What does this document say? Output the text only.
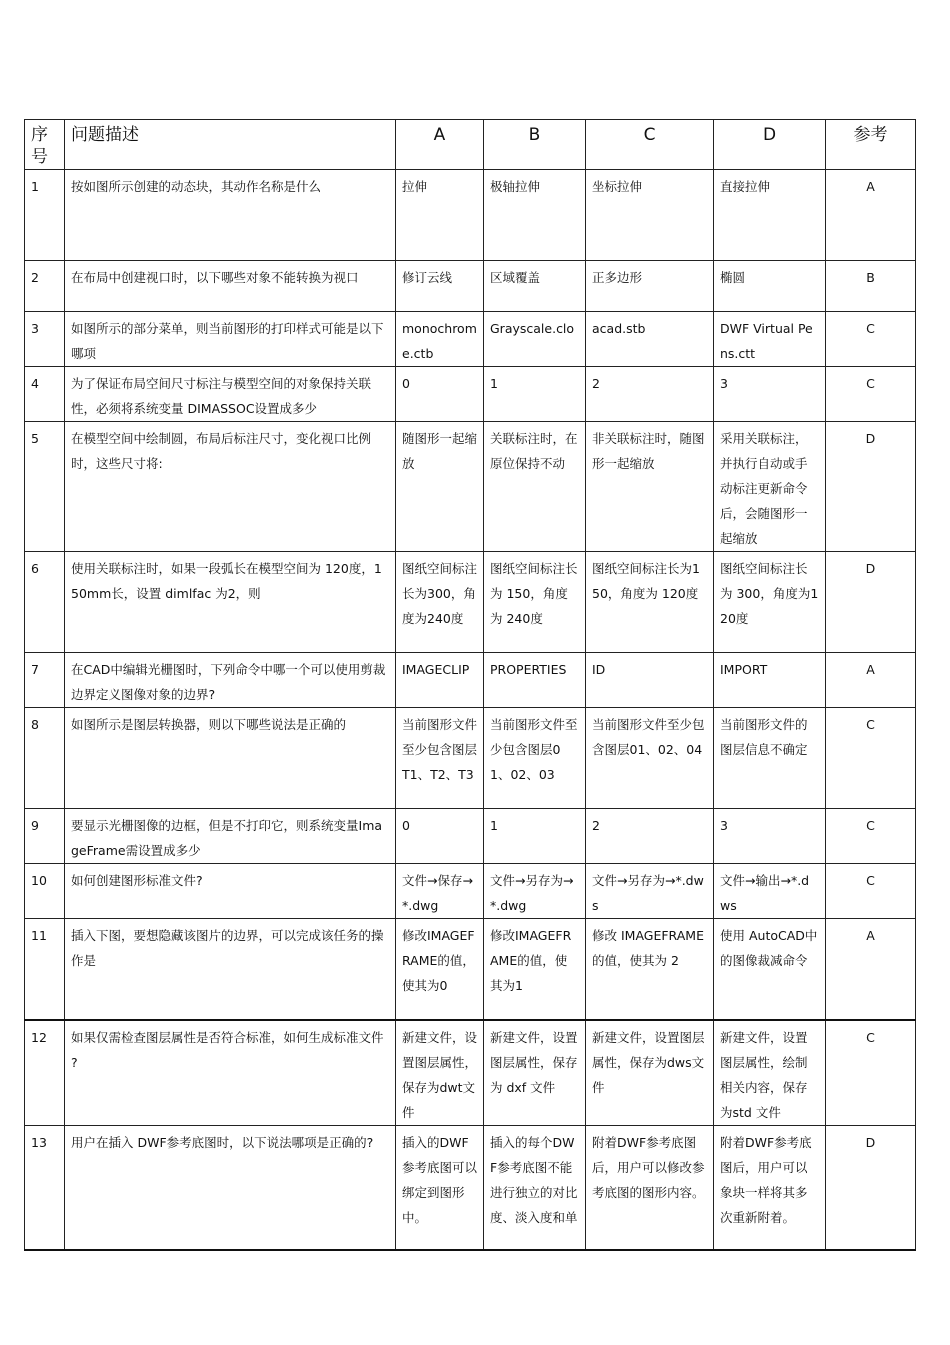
序号	问题描述	A	B	C	D	参考
1	按如图所示创建的动态块，其动作名称是什么	拉伸	极轴拉伸	坐标拉伸	直接拉伸	A
2	在布局中创建视口时，以下哪些对象不能转换为视口	修订云线	区域覆盖	正多边形	椭圆	B
3	如图所示的部分菜单，则当前图形的打印样式可能是以下哪项	monochrome.ctb	Grayscale.clo	acad.stb	DWF Virtual Pens.ctt	C
4	为了保证布局空间尺寸标注与模型空间的对象保持关联性，必须将系统变量 DIMASSOC设置成多少	0	1	2	3	C
5	在模型空间中绘制圆，布局后标注尺寸，变化视口比例时，这些尺寸将:	随图形一起缩放	关联标注时，在原位保持不动	非关联标注时，随图形一起缩放	采用关联标注，并执行自动或手动标注更新命令后，会随图形一起缩放	D
6	使用关联标注时，如果一段弧长在模型空间为 120度，150mm长，设置 dimlfac 为2，则	图纸空间标注长为300，角度为240度	图纸空间标注长为 150，角度为 240度	图纸空间标注长为150，角度为 120度	图纸空间标注长为 300，角度为120度	D
7	在CAD中编辑光栅图时，下列命令中哪一个可以使用剪裁边界定义图像对象的边界?	IMAGECLIP	PROPERTIES	ID	IMPORT	A
8	如图所示是图层转换器，则以下哪些说法是正确的	当前图形文件至少包含图层T1、T2、T3	当前图形文件至少包含图层01、02、03	当前图形文件至少包含图层01、02、04	当前图形文件的图层信息不确定	C
9	要显示光栅图像的边框，但是不打印它，则系统变量ImageFrame需设置成多少	0	1	2	3	C
10	如何创建图形标准文件?	文件→保存→*.dwg	文件→另存为→*.dwg	文件→另存为→*.dws	文件→输出→*.dws	C
11	插入下图，要想隐藏该图片的边界，可以完成该任务的操作是	修改IMAGEFRAME的值，使其为0	修改IMAGEFRAME的值，使其为1	修改 IMAGEFRAME的值，使其为 2	使用 AutoCAD中的图像裁减命令	A
12	如果仅需检查图层属性是否符合标准，如何生成标准文件 ?	新建文件，设置图层属性，保存为dwt文件	新建文件，设置图层属性，保存为 dxf 文件	新建文件，设置图层属性，保存为dws文件	新建文件，设置图层属性，绘制相关内容，保存为std 文件	C
13	用户在插入 DWF参考底图时，以下说法哪项是正确的?	插入的DWF参考底图可以绑定到图形中。	插入的每个DWF参考底图不能进行独立的对比度、淡入度和单	附着DWF参考底图后，用户可以修改参考底图的图形内容。	附着DWF参考底图后，用户可以象块一样将其多次重新附着。	D
